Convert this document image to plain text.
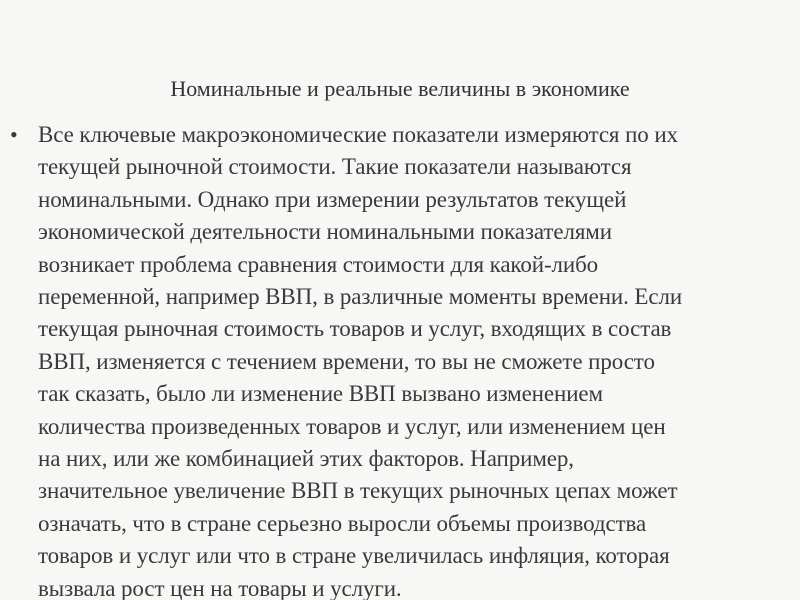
Номинальные и реальные величины в экономике
• Все ключевые макроэкономические показатели измеряются по их
текущей рыночной стоимости. Такие показатели называются
номинальными. Однако при измерении результатов текущей
экономической деятельности номинальными показателями
возникает проблема сравнения стоимости для какой-либо
переменной, например ВВП, в различные моменты времени. Если
текущая рыночная стоимость товаров и услуг, входящих в состав
ВВП, изменяется с течением времени, то вы не сможете просто
так сказать, было ли изменение ВВП вызвано изменением
количества произведенных товаров и услуг, или изменением цен
на них, или же комбинацией этих факторов. Например,
значительное увеличение ВВП в текущих рыночных цепах может
означать, что в стране серьезно выросли объемы производства
товаров и услуг или что в стране увеличилась инфляция, которая
вызвала рост цен на товары и услуги.
